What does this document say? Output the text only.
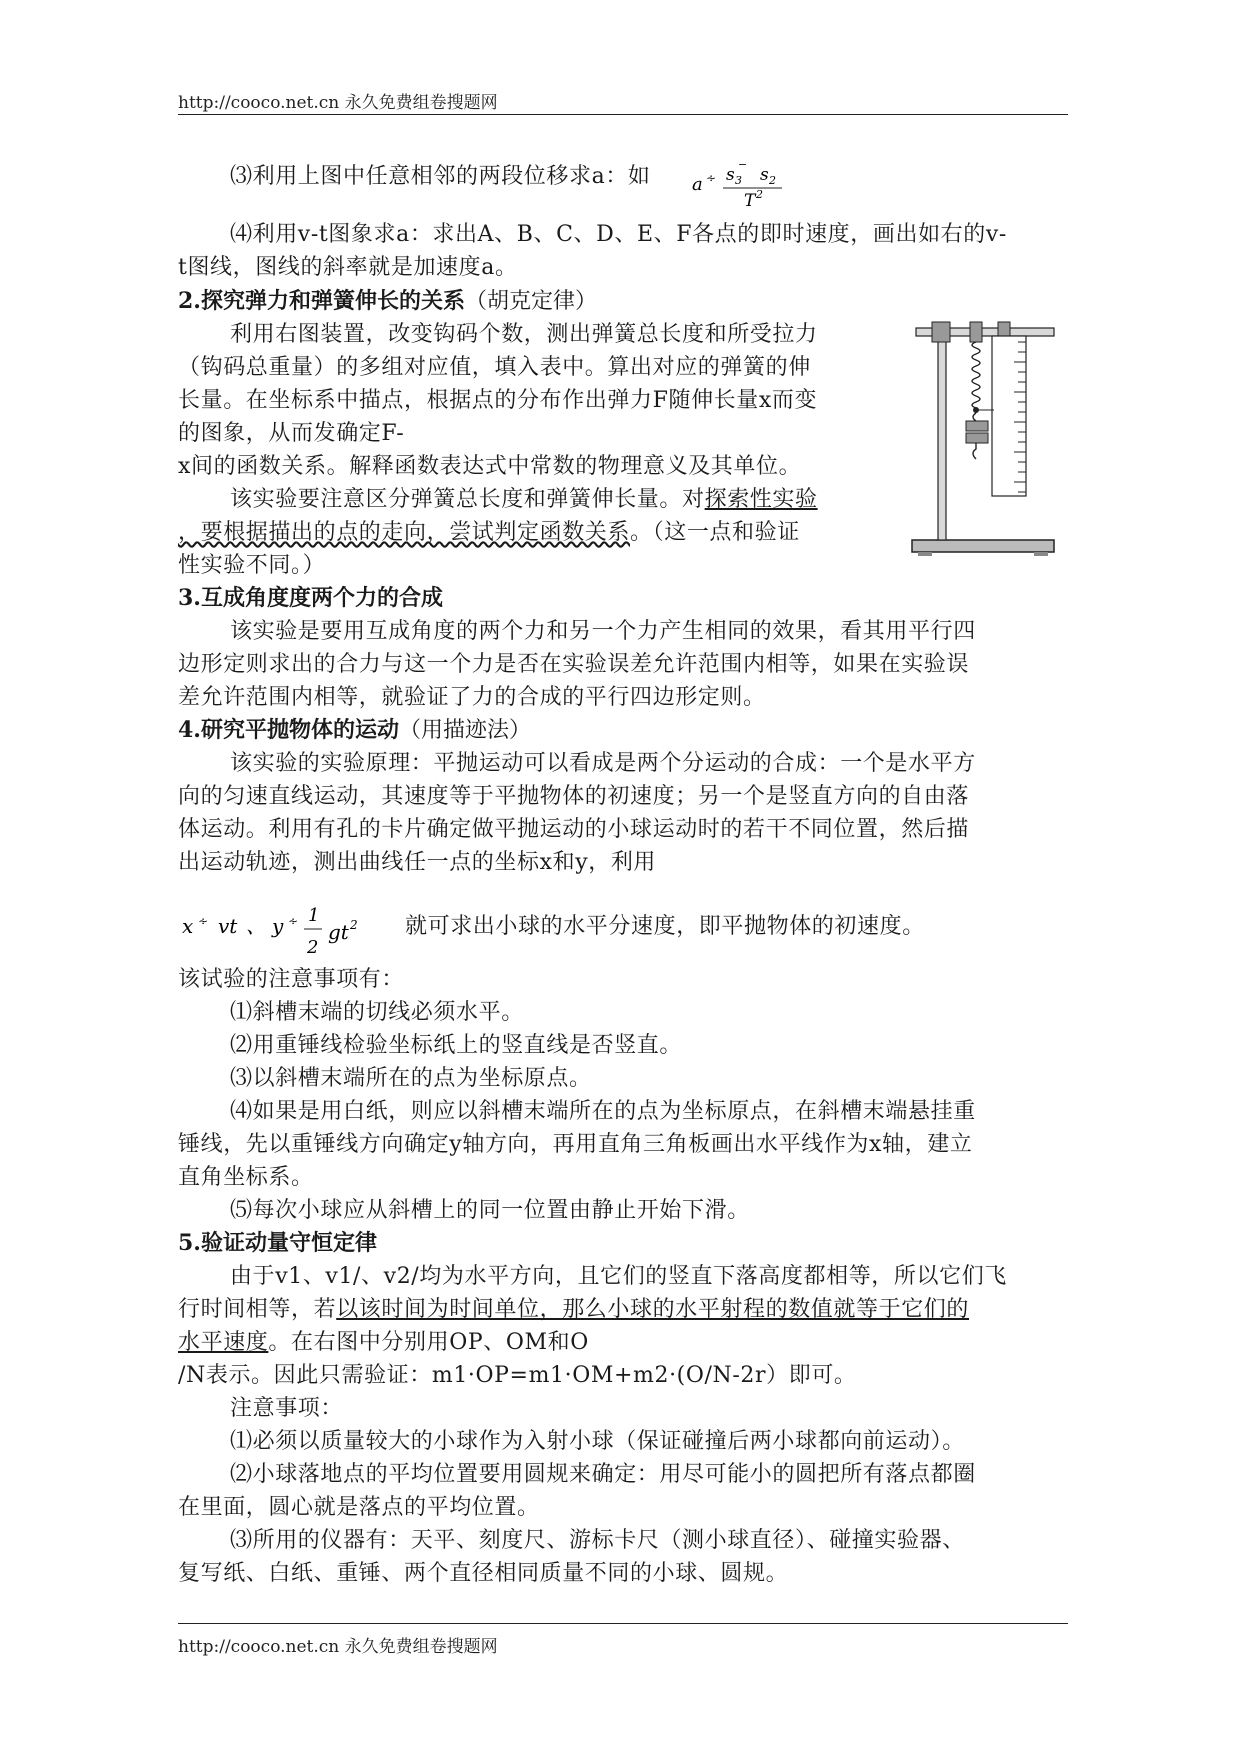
http://cooco.net.cn 永久免费组卷搜题网
⑶利用上图中任意相邻的两段位移求a：如 a ∻ s 3
−
s 2
T 2
⑷利用v-t图象求a：求出A、B、C、D、E、F各点的即时速度，画出如右的v-
t图线，图线的斜率就是加速度a。
2.探究弹力和弹簧伸长的关系（胡克定律）
利用右图装置，改变钩码个数，测出弹簧总长度和所受拉力
（钩码总重量）的多组对应值，填入表中。算出对应的弹簧的伸
长量。在坐标系中描点，根据点的分布作出弹力F随伸长量x而变
的图象，从而发确定F-
x间的函数关系。解释函数表达式中常数的物理意义及其单位。
该实验要注意区分弹簧总长度和弹簧伸长量。对探索性实验
，要根据描出的点的走向，尝试判定函数关系。（这一点和验证
性实验不同。）
3.互成角度度两个力的合成
该实验是要用互成角度的两个力和另一个力产生相同的效果，看其用平行四
边形定则求出的合力与这一个力是否在实验误差允许范围内相等，如果在实验误
差允许范围内相等，就验证了力的合成的平行四边形定则。
4.研究平抛物体的运动（用描迹法）
该实验的实验原理：平抛运动可以看成是两个分运动的合成：一个是水平方
向的匀速直线运动，其速度等于平抛物体的初速度；另一个是竖直方向的自由落
体运动。利用有孔的卡片确定做平抛运动的小球运动时的若干不同位置，然后描
出运动轨迹，测出曲线任一点的坐标x和y，利用
x ∻ vt 、 y ∻ 1
2
gt 2 就可求出小球的水平分速度，即平抛物体的初速度。
该试验的注意事项有：
⑴斜槽末端的切线必须水平。
⑵用重锤线检验坐标纸上的竖直线是否竖直。
⑶以斜槽末端所在的点为坐标原点。
⑷如果是用白纸，则应以斜槽末端所在的点为坐标原点，在斜槽末端悬挂重
锤线，先以重锤线方向确定y轴方向，再用直角三角板画出水平线作为x轴，建立
直角坐标系。
⑸每次小球应从斜槽上的同一位置由静止开始下滑。
5.验证动量守恒定律
由于v1、v1/、v2/均为水平方向，且它们的竖直下落高度都相等，所以它们飞
行时间相等，若以该时间为时间单位，那么小球的水平射程的数值就等于它们的
水平速度。在右图中分别用OP、OM和O
/N表示。因此只需验证：m1·OP=m1·OM+m2·(O/N-2r）即可。
注意事项：
⑴必须以质量较大的小球作为入射小球（保证碰撞后两小球都向前运动）。
⑵小球落地点的平均位置要用圆规来确定：用尽可能小的圆把所有落点都圈
在里面，圆心就是落点的平均位置。
⑶所用的仪器有：天平、刻度尺、游标卡尺（测小球直径）、碰撞实验器、
复写纸、白纸、重锤、两个直径相同质量不同的小球、圆规。
http://cooco.net.cn 永久免费组卷搜题网
